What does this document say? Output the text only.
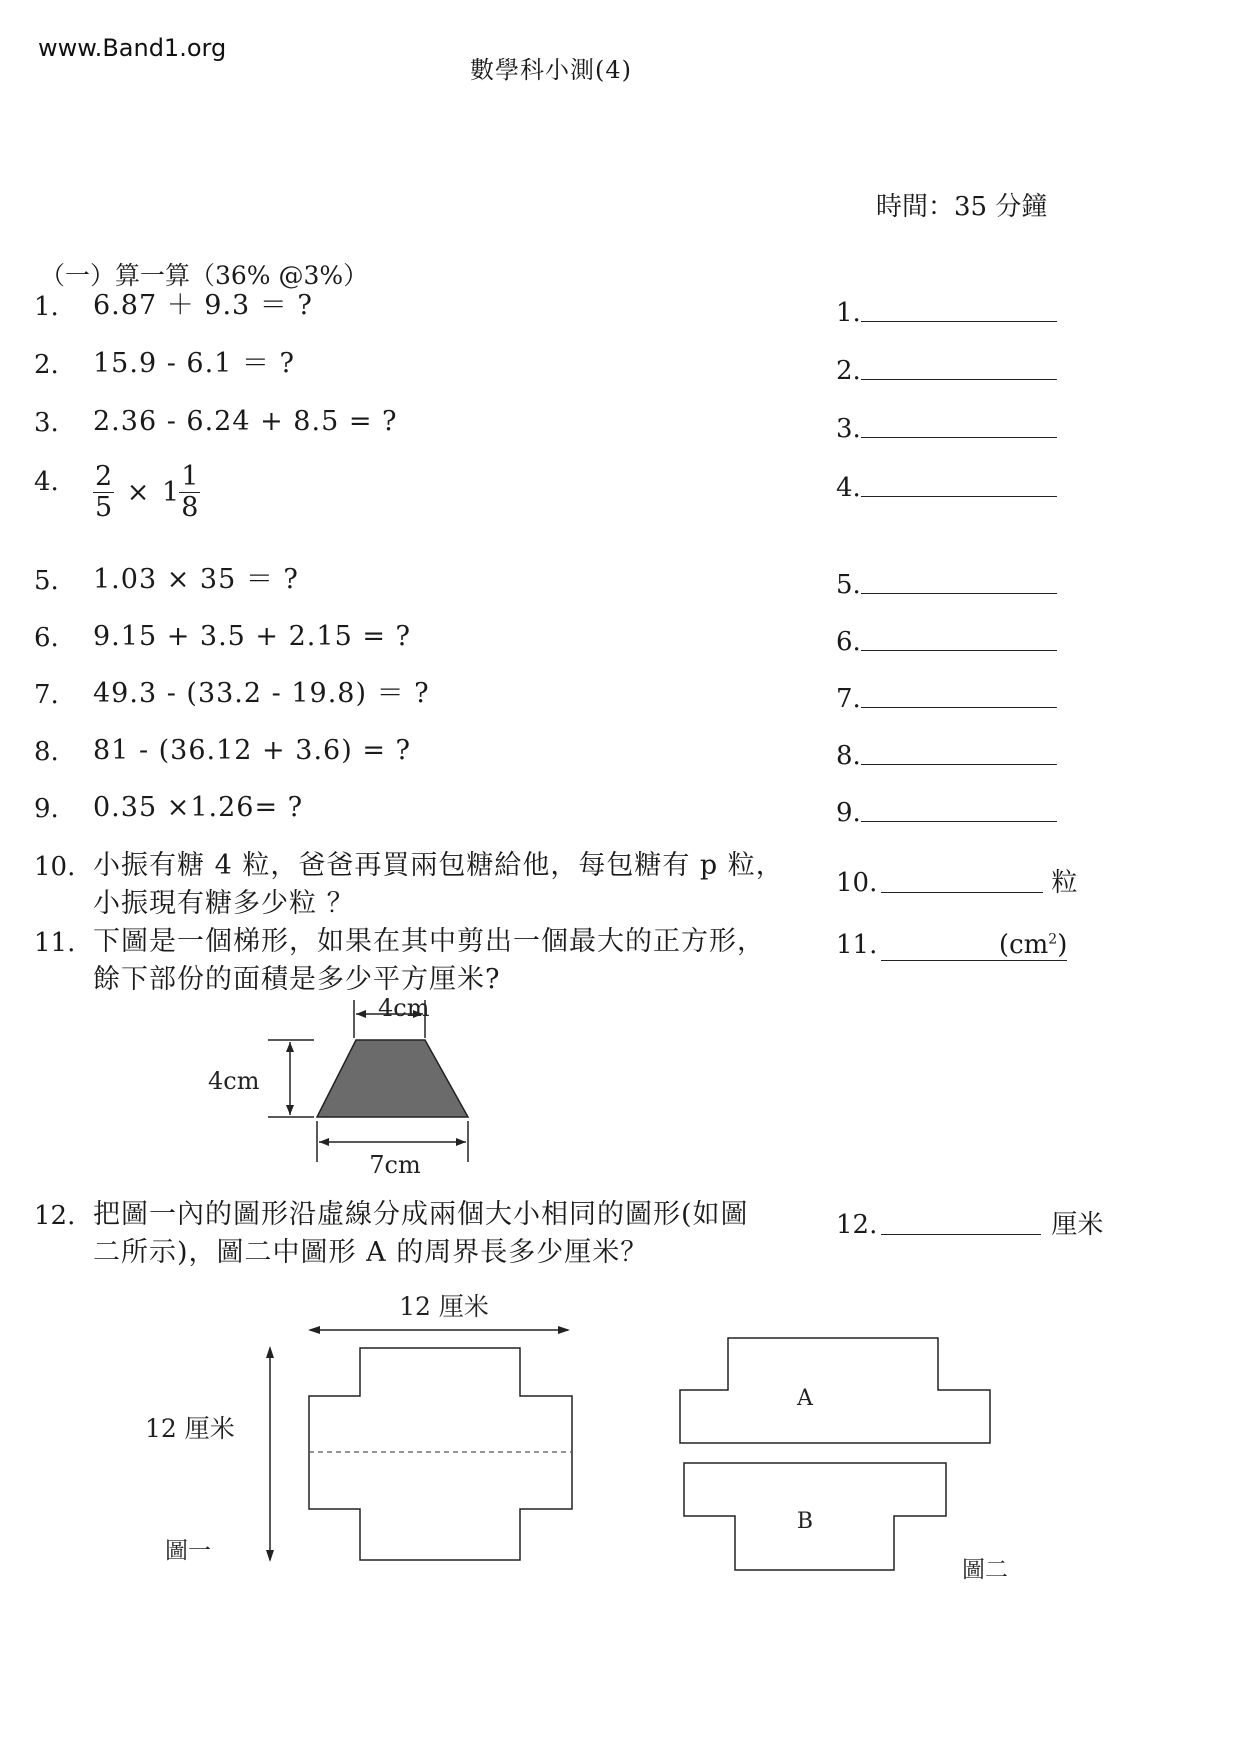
www.Band1.org
數學科小測(4)
時間：35 分鐘
（一）算一算（36% @3%）
1. 6.87 ＋ 9.3 ＝ ?
2. 15.9 - 6.1 ＝ ?
3. 2.36 - 6.24 + 8.5 = ?
4. $\frac{2}{5} \times 1 \frac{1}{8}$
5. 1.03 × 35 ＝ ?
6. 9.15 + 3.5 + 2.15 = ?
7. 49.3 - (33.2 - 19.8) ＝ ?
8. 81 - (36.12 + 3.6) = ?
9. 0.35 ×1.26= ?
10. 小振有糖 4 粒，爸爸再買兩包糖給他，每包糖有 p 粒，
小振現有糖多少粒 ？
11. 下圖是一個梯形，如果在其中剪出一個最大的正方形，
餘下部份的面積是多少平方厘米?
4cm
4cm
7cm
12. 把圖一內的圖形沿虛線分成兩個大小相同的圖形(如圖
二所示)，圖二中圖形 A 的周界長多少厘米？
1.
2.
3.
4.
5.
6.
7.
8.
9.
10.	粒
11.	$(cm^2)$
12.	厘米
12 厘米
12 厘米
圖一
A
B
圖二
